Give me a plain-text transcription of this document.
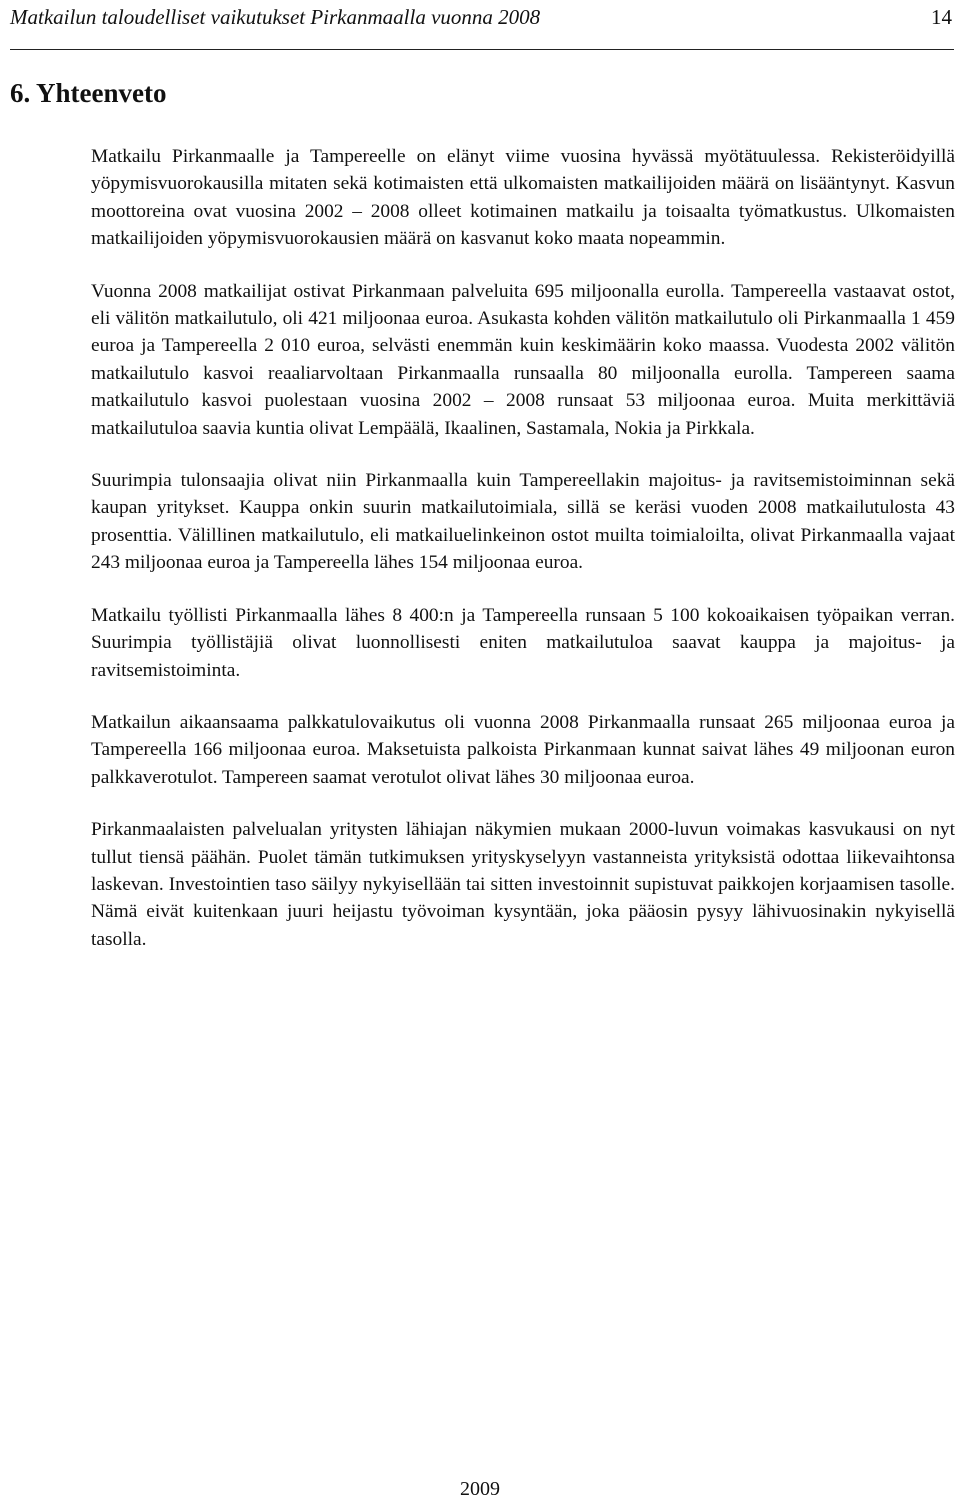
Matkailun taloudelliset vaikutukset Pirkanmaalla vuonna 2008	14
6. Yhteenveto

Matkailu Pirkanmaalle ja Tampereelle on elänyt viime vuosina hyvässä myötätuulessa. Rekisteröidyillä yöpymisvuorokausilla mitaten sekä kotimaisten että ulkomaisten matkailijoiden määrä on lisääntynyt. Kasvun moottoreina ovat vuosina 2002 – 2008 olleet kotimainen matkailu ja toisaalta työmatkustus. Ulkomaisten matkailijoiden yöpymisvuorokausien määrä on kasvanut koko maata nopeammin.

Vuonna 2008 matkailijat ostivat Pirkanmaan palveluita 695 miljoonalla eurolla. Tampereella vastaavat ostot, eli välitön matkailutulo, oli 421 miljoonaa euroa. Asukasta kohden välitön matkailutulo oli Pirkanmaalla 1 459 euroa ja Tampereella 2 010 euroa, selvästi enemmän kuin keskimäärin koko maassa. Vuodesta 2002 välitön matkailutulo kasvoi reaaliarvoltaan Pirkanmaalla runsaalla 80 miljoonalla eurolla. Tampereen saama matkailutulo kasvoi puolestaan vuosina 2002 – 2008 runsaat 53 miljoonaa euroa. Muita merkittäviä matkailutuloa saavia kuntia olivat Lempäälä, Ikaalinen, Sastamala, Nokia ja Pirkkala.

Suurimpia tulonsaajia olivat niin Pirkanmaalla kuin Tampereellakin majoitus- ja ravitsemistoiminnan sekä kaupan yritykset. Kauppa onkin suurin matkailutoimiala, sillä se keräsi vuoden 2008 matkailutulosta 43 prosenttia. Välillinen matkailutulo, eli matkailuelinkeinon ostot muilta toimialoilta, olivat Pirkanmaalla vajaat 243 miljoonaa euroa ja Tampereella lähes 154 miljoonaa euroa.

Matkailu työllisti Pirkanmaalla lähes 8 400:n ja Tampereella runsaan 5 100 kokoaikaisen työpaikan verran. Suurimpia työllistäjiä olivat luonnollisesti eniten matkailutuloa saavat kauppa ja majoitus- ja ravitsemistoiminta.

Matkailun aikaansaama palkkatulovaikutus oli vuonna 2008 Pirkanmaalla runsaat 265 miljoonaa euroa ja Tampereella 166 miljoonaa euroa. Maksetuista palkoista Pirkanmaan kunnat saivat lähes 49 miljoonan euron palkkaverotulot. Tampereen saamat verotulot olivat lähes 30 miljoonaa euroa.

Pirkanmaalaisten palvelualan yritysten lähiajan näkymien mukaan 2000-luvun voimakas kasvukausi on nyt tullut tiensä päähän. Puolet tämän tutkimuksen yrityskyselyyn vastanneista yrityksistä odottaa liikevaihtonsa laskevan. Investointien taso säilyy nykyisellään tai sitten investoinnit supistuvat paikkojen korjaamisen tasolle. Nämä eivät kuitenkaan juuri heijastu työvoiman kysyntään, joka pääosin pysyy lähivuosinakin nykyisellä tasolla.

2009
